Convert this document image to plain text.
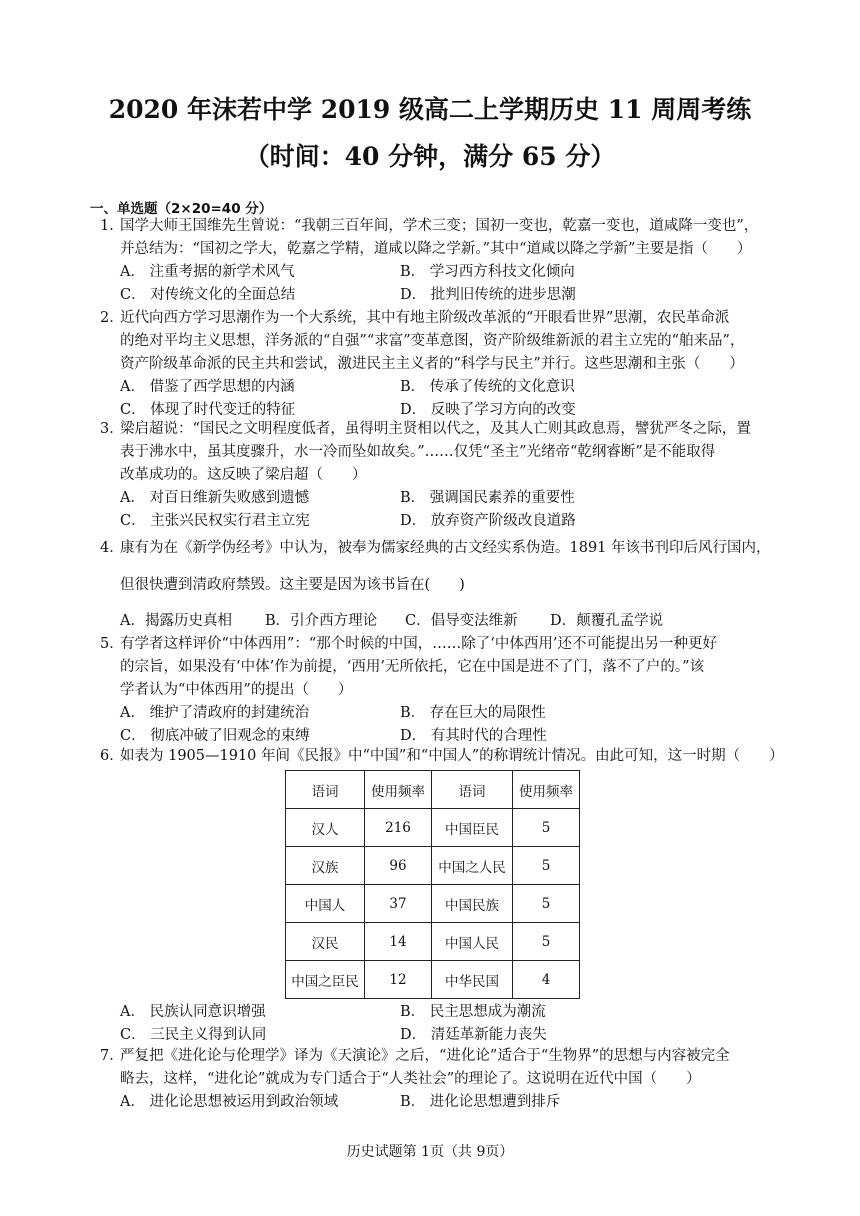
2020 年沫若中学 2019 级高二上学期历史 11 周周考练
（时间：40 分钟，满分 65 分）
一、单选题（2×20=40 分）
1．国学大师王国维先生曾说：“我朝三百年间，学术三变；国初一变也，乾嘉一变也，道咸降一变也”，
并总结为：“国初之学大，乾嘉之学精，道咸以降之学新。”其中“道咸以降之学新”主要是指（　　）
A． 注重考据的新学术风气	B． 学习西方科技文化倾向
C． 对传统文化的全面总结	D． 批判旧传统的进步思潮
2．近代向西方学习思潮作为一个大系统，其中有地主阶级改革派的“开眼看世界”思潮，农民革命派
的绝对平均主义思想，洋务派的“自强”“求富”变革意图，资产阶级维新派的君主立宪的“舶来品”，
资产阶级革命派的民主共和尝试，激进民主主义者的“科学与民主”并行。这些思潮和主张（　　）
A． 借鉴了西学思想的内涵	B． 传承了传统的文化意识
C． 体现了时代变迁的特征	D． 反映了学习方向的改变
3．梁启超说：“国民之文明程度低者，虽得明主贤相以代之，及其人亡则其政息焉，譬犹严冬之际，置
表于沸水中，虽其度骤升，水一冷而坠如故矣。”……仅凭“圣主”光绪帝“乾纲睿断”是不能取得
改革成功的。这反映了梁启超（　　）
A． 对百日维新失败感到遗憾	B． 强调国民素养的重要性
C． 主张兴民权实行君主立宪	D． 放弃资产阶级改良道路
4．康有为在《新学伪经考》中认为，被奉为儒家经典的古文经实系伪造。1891 年该书刊印后风行国内，
但很快遭到清政府禁毁。这主要是因为该书旨在(　　)
A．揭露历史真相 B．引介西方理论 C．倡导变法维新 D．颠覆孔孟学说
5．有学者这样评价“中体西用”：“那个时候的中国，……除了‘中体西用’还不可能提出另一种更好
的宗旨，如果没有‘中体’作为前提，‘西用’无所依托，它在中国是进不了门，落不了户的。”该
学者认为“中体西用”的提出（　　）
A． 维护了清政府的封建统治	B． 存在巨大的局限性
C． 彻底冲破了旧观念的束缚	D． 有其时代的合理性
6．如表为 1905—1910 年间《民报》中“中国”和“中国人”的称谓统计情况。由此可知，这一时期（　　）
语词	使用频率	语词	使用频率
汉人	216	中国臣民	5
汉族	96	中国之人民	5
中国人	37	中国民族	5
汉民	14	中国人民	5
中国之臣民	12	中华民国	4
A． 民族认同意识增强	B． 民主思想成为潮流
C． 三民主义得到认同	D． 清廷革新能力丧失
7．严复把《进化论与伦理学》译为《天演论》之后，“进化论”适合于“生物界”的思想与内容被完全
略去，这样，“进化论”就成为专门适合于“人类社会”的理论了。这说明在近代中国（　　）
A． 进化论思想被运用到政治领域	B． 进化论思想遭到排斥
历史试题第 1页（共 9页）
